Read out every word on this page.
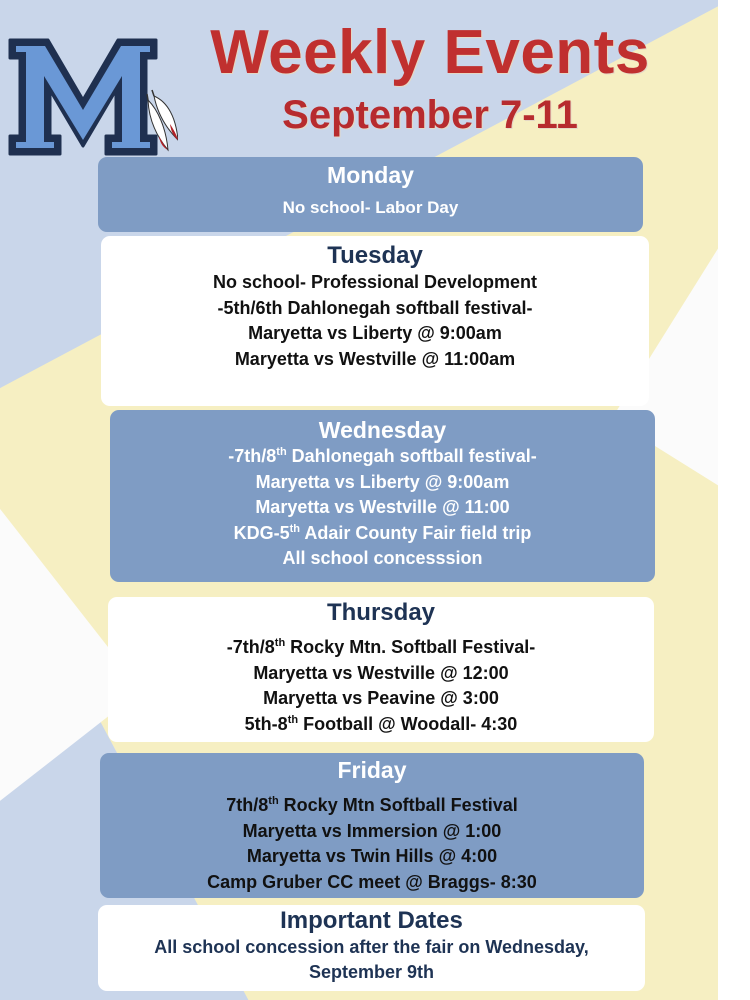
M	Weekly Events
September 7-11
Monday
No school- Labor Day
Tuesday
No school- Professional Development
-5th/6th Dahlonegah softball festival-
Maryetta vs Liberty @ 9:00am
Maryetta vs Westville @ 11:00am
Wednesday
-7th/8th Dahlonegah softball festival-
Maryetta vs Liberty @ 9:00am
Maryetta vs Westville @ 11:00
KDG-5th Adair County Fair field trip
All school concesssion
Thursday
-7th/8th Rocky Mtn. Softball Festival-
Maryetta vs Westville @ 12:00
Maryetta vs Peavine @ 3:00
5th-8th Football @ Woodall- 4:30
Friday
7th/8th Rocky Mtn Softball Festival
Maryetta vs Immersion @ 1:00
Maryetta vs Twin Hills @ 4:00
Camp Gruber CC meet @ Braggs- 8:30
Important Dates
All school concession after the fair on Wednesday,
September 9th
